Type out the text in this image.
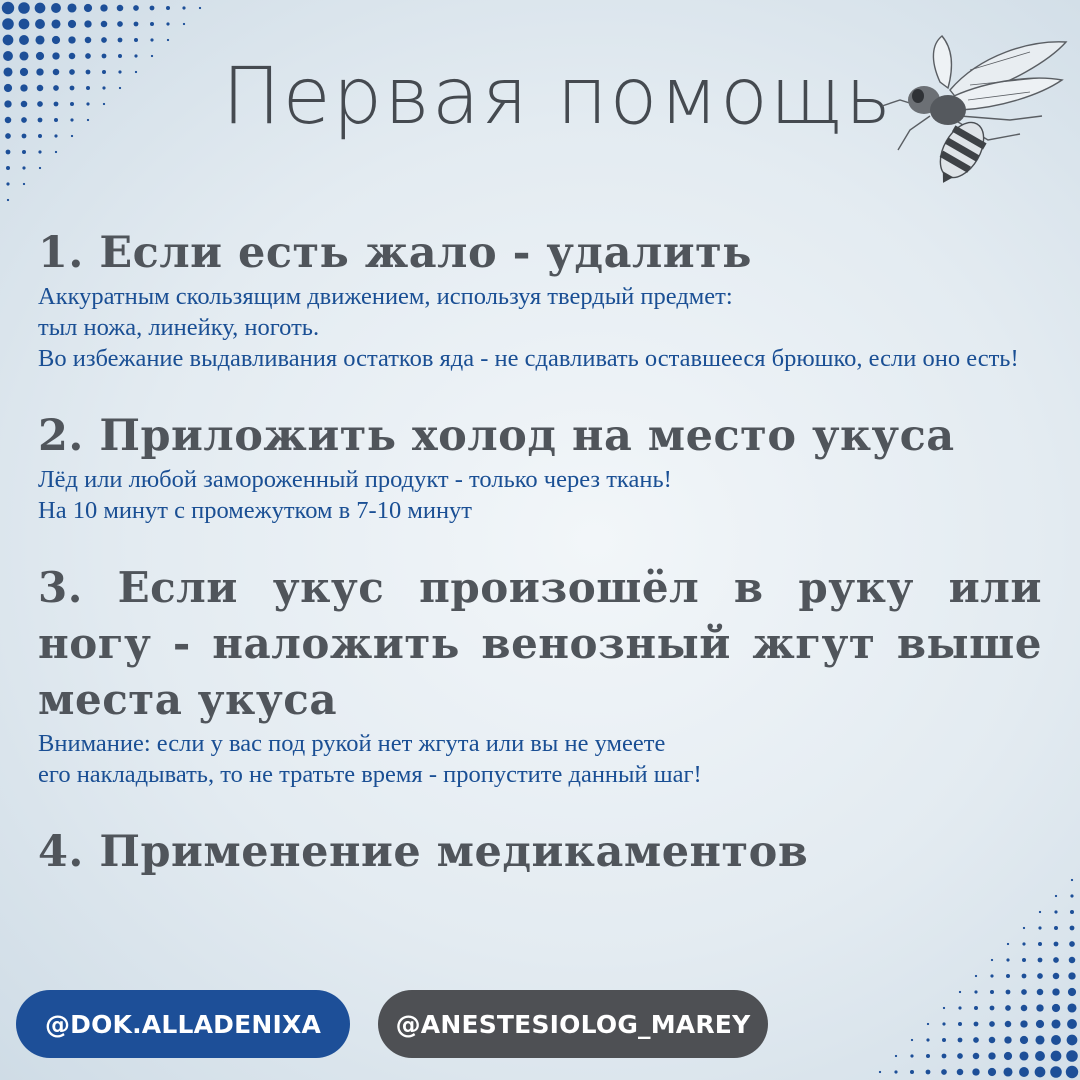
Первая помощь
1. Если есть жало - удалить

Аккуратным скользящим движением, используя твердый предмет:

тыл ножа, линейку, ноготь.

Во избежание выдавливания остатков яда - не сдавливать оставшееся брюшко, если оно есть!

2. Приложить холод на место укуса

Лёд или любой замороженный продукт - только через ткань!

На 10 минут с промежутком в 7-10 минут

3. Если укус произошёл в руку или ногу - наложить венозный жгут выше места укуса

Внимание: если у вас под рукой нет жгута или вы не умеете

его накладывать, то не тратьте время - пропустите данный шаг!

4. Применение медикаментов
@DOK.ALLADENIXA	@ANESTESIOLOG_MAREY
